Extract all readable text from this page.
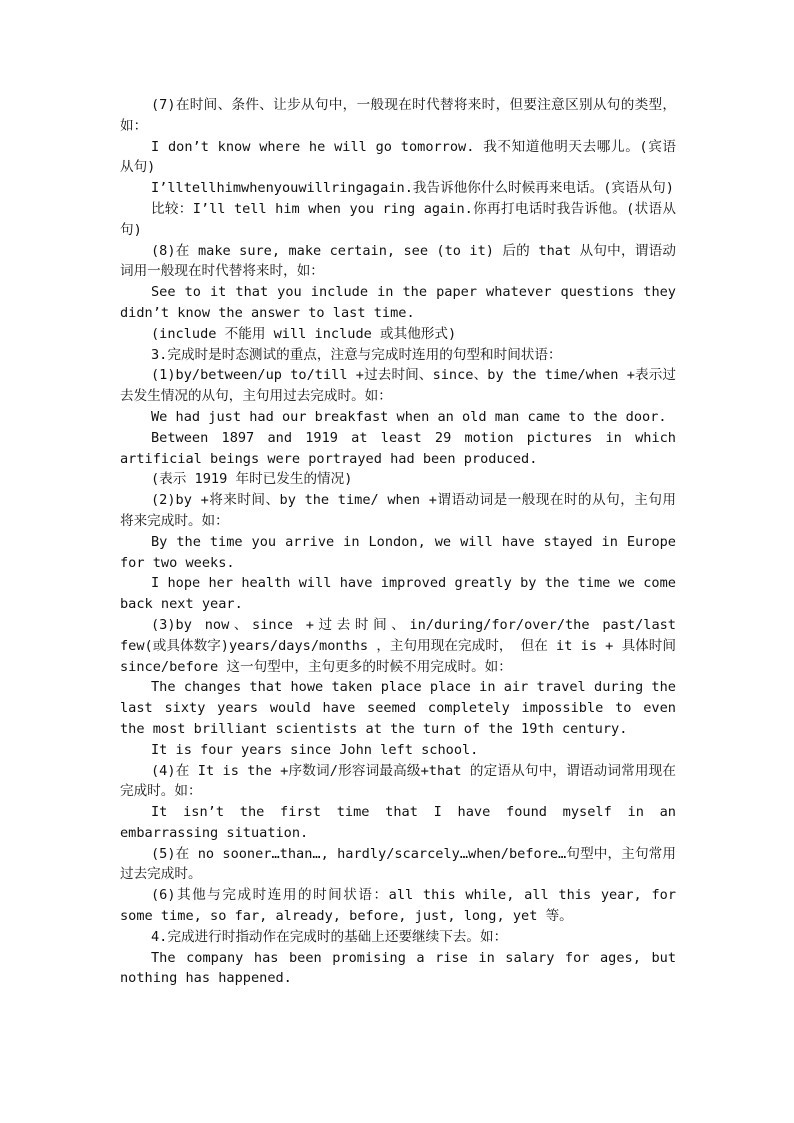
(7)在时间、条件、让步从句中，一般现在时代替将来时，但要注意区别从句的类型，如：

I don’t know where he will go tomorrow. 我不知道他明天去哪儿。(宾语从句)

I’lltellhimwhenyouwillringagain.我告诉他你什么时候再来电话。(宾语从句)

比较：I’ll tell him when you ring again.你再打电话时我告诉他。(状语从句)

(8)在 make sure, make certain, see (to it) 后的 that 从句中，谓语动词用一般现在时代替将来时，如：

See to it that you include in the paper whatever questions they didn’t know the answer to last time.

(include 不能用 will include 或其他形式)

3.完成时是时态测试的重点，注意与完成时连用的句型和时间状语：

(1)by/between/up to/till +过去时间、since、by the time/when +表示过去发生情况的从句，主句用过去完成时。如：

We had just had our breakfast when an old man came to the door.

Between 1897 and 1919 at least 29 motion pictures in which artificial beings were portrayed had been produced.

(表示 1919 年时已发生的情况)

(2)by +将来时间、by the time/ when +谓语动词是一般现在时的从句，主句用将来完成时。如：

By the time you arrive in London, we will have stayed in Europe for two weeks.

I hope her health will have improved greatly by the time we come back next year.

(3)by now、since +过去时间、in/during/for/over/the past/last few(或具体数字)years/days/months ，主句用现在完成时， 但在 it is + 具体时间 since/before 这一句型中，主句更多的时候不用完成时。如：

The changes that howe taken place place in air travel during the last sixty years would have seemed completely impossible to even the most brilliant scientists at the turn of the 19th century.

It is four years since John left school.

(4)在 It is the +序数词/形容词最高级+that 的定语从句中，谓语动词常用现在完成时。如：

It isn’t the first time that I have found myself in an embarrassing situation.

(5)在 no sooner…than…, hardly/scarcely…when/before…句型中，主句常用过去完成时。

(6)其他与完成时连用的时间状语：all this while, all this year, for some time, so far, already, before, just, long, yet 等。

4.完成进行时指动作在完成时的基础上还要继续下去。如：

The company has been promising a rise in salary for ages, but nothing has happened.
